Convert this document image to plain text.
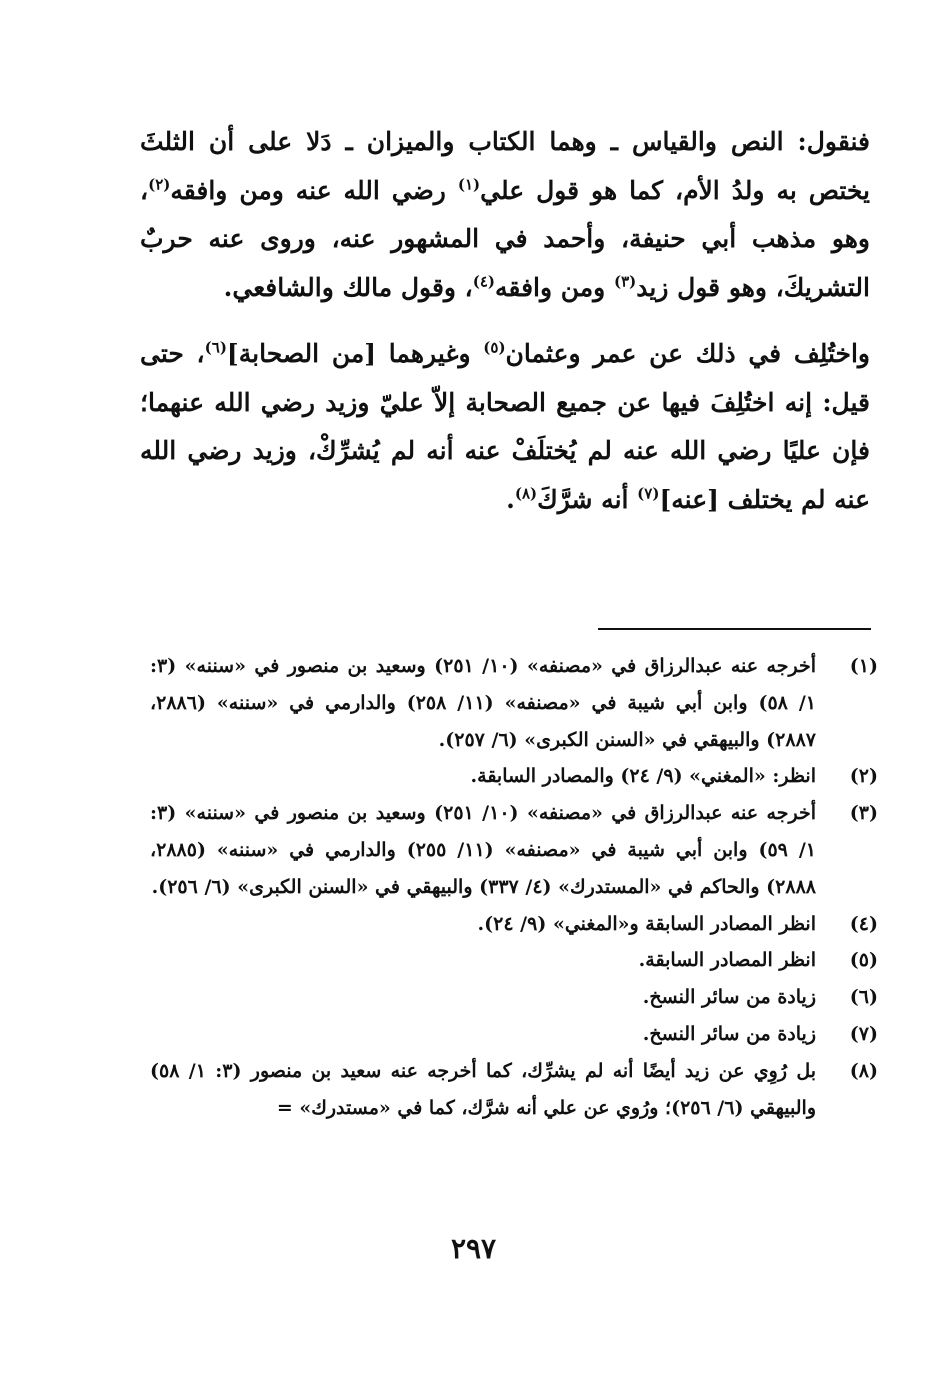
فنقول: النص والقياس ـ وهما الكتاب والميزان ـ دَلا على أن الثلثَ يختص به ولدُ الأم، كما هو قول علي$^{(١)}$ رضي الله عنه ومن وافقه$^{(٢)}$، وهو مذهب أبي حنيفة، وأحمد في المشهور عنه، وروى عنه حربٌ التشريكَ، وهو قول زيد$^{(٣)}$ ومن وافقه$^{(٤)}$، وقول مالك والشافعي.

واختُلِف في ذلك عن عمر وعثمان$^{(٥)}$ وغيرهما [من الصحابة]$^{(٦)}$، حتى قيل: إنه اختُلِفَ فيها عن جميع الصحابة إلاّ عليّ وزيد رضي الله عنهما؛ فإن عليًا رضي الله عنه لم يُختلَفْ عنه أنه لم يُشرِّكْ، وزيد رضي الله عنه لم يختلف [عنه]$^{(٧)}$ أنه شرَّكَ$^{(٨)}$.

(١)
أخرجه عنه عبدالرزاق في «مصنفه» (١٠/ ٢٥١) وسعيد بن منصور في «سننه» (٣: ١/ ٥٨) وابن أبي شيبة في «مصنفه» (١١/ ٢٥٨) والدارمي في «سننه» (٢٨٨٦، ٢٨٨٧) والبيهقي في «السنن الكبرى» (٦/ ٢٥٧).
(٢)
انظر: «المغني» (٩/ ٢٤) والمصادر السابقة.
(٣)
أخرجه عنه عبدالرزاق في «مصنفه» (١٠/ ٢٥١) وسعيد بن منصور في «سننه» (٣: ١/ ٥٩) وابن أبي شيبة في «مصنفه» (١١/ ٢٥٥) والدارمي في «سننه» (٢٨٨٥، ٢٨٨٨) والحاكم في «المستدرك» (٤/ ٣٣٧) والبيهقي في «السنن الكبرى» (٦/ ٢٥٦).
(٤)
انظر المصادر السابقة و«المغني» (٩/ ٢٤).
(٥)
انظر المصادر السابقة.
(٦)
زيادة من سائر النسخ.
(٧)
زيادة من سائر النسخ.
(٨)
بل رُوِي عن زيد أيضًا أنه لم يشرِّك، كما أخرجه عنه سعيد بن منصور (٣: ١/ ٥٨) والبيهقي (٦/ ٢٥٦)؛ ورُوي عن علي أنه شرَّك، كما في «مستدرك» =
٢٩٧
